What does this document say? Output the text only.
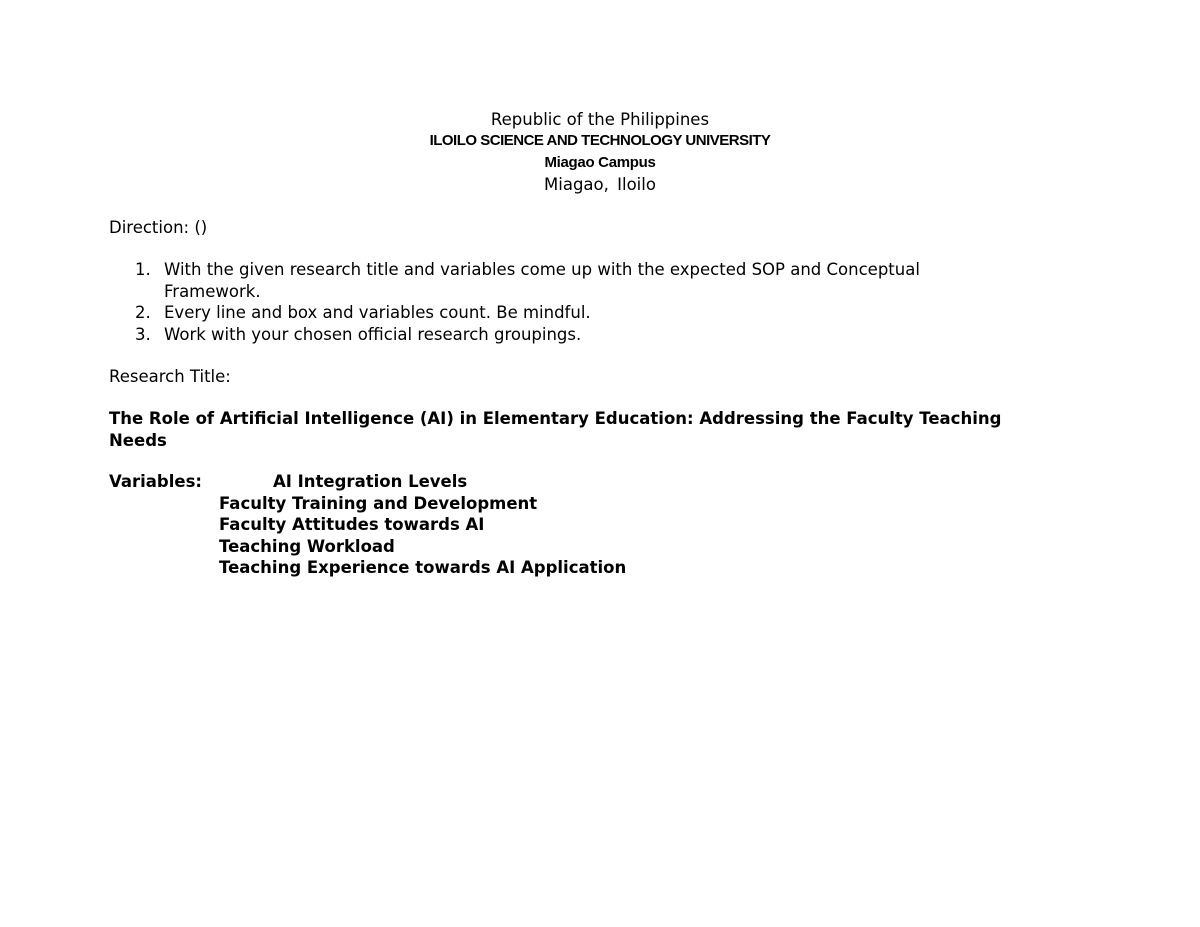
Republic of the Philippines
ILOILO SCIENCE AND TECHNOLOGY UNIVERSITY
Miagao Campus
Miagao, Iloilo
Direction: ()
1. With the given research title and variables come up with the expected SOP and Conceptual Framework.
2. Every line and box and variables count. Be mindful.
3. Work with your chosen official research groupings.
Research Title:
The Role of Artificial Intelligence (AI) in Elementary Education: Addressing the Faculty Teaching Needs
Variables:	AI Integration Levels
Faculty Training and Development
Faculty Attitudes towards AI
Teaching Workload
Teaching Experience towards AI Application
